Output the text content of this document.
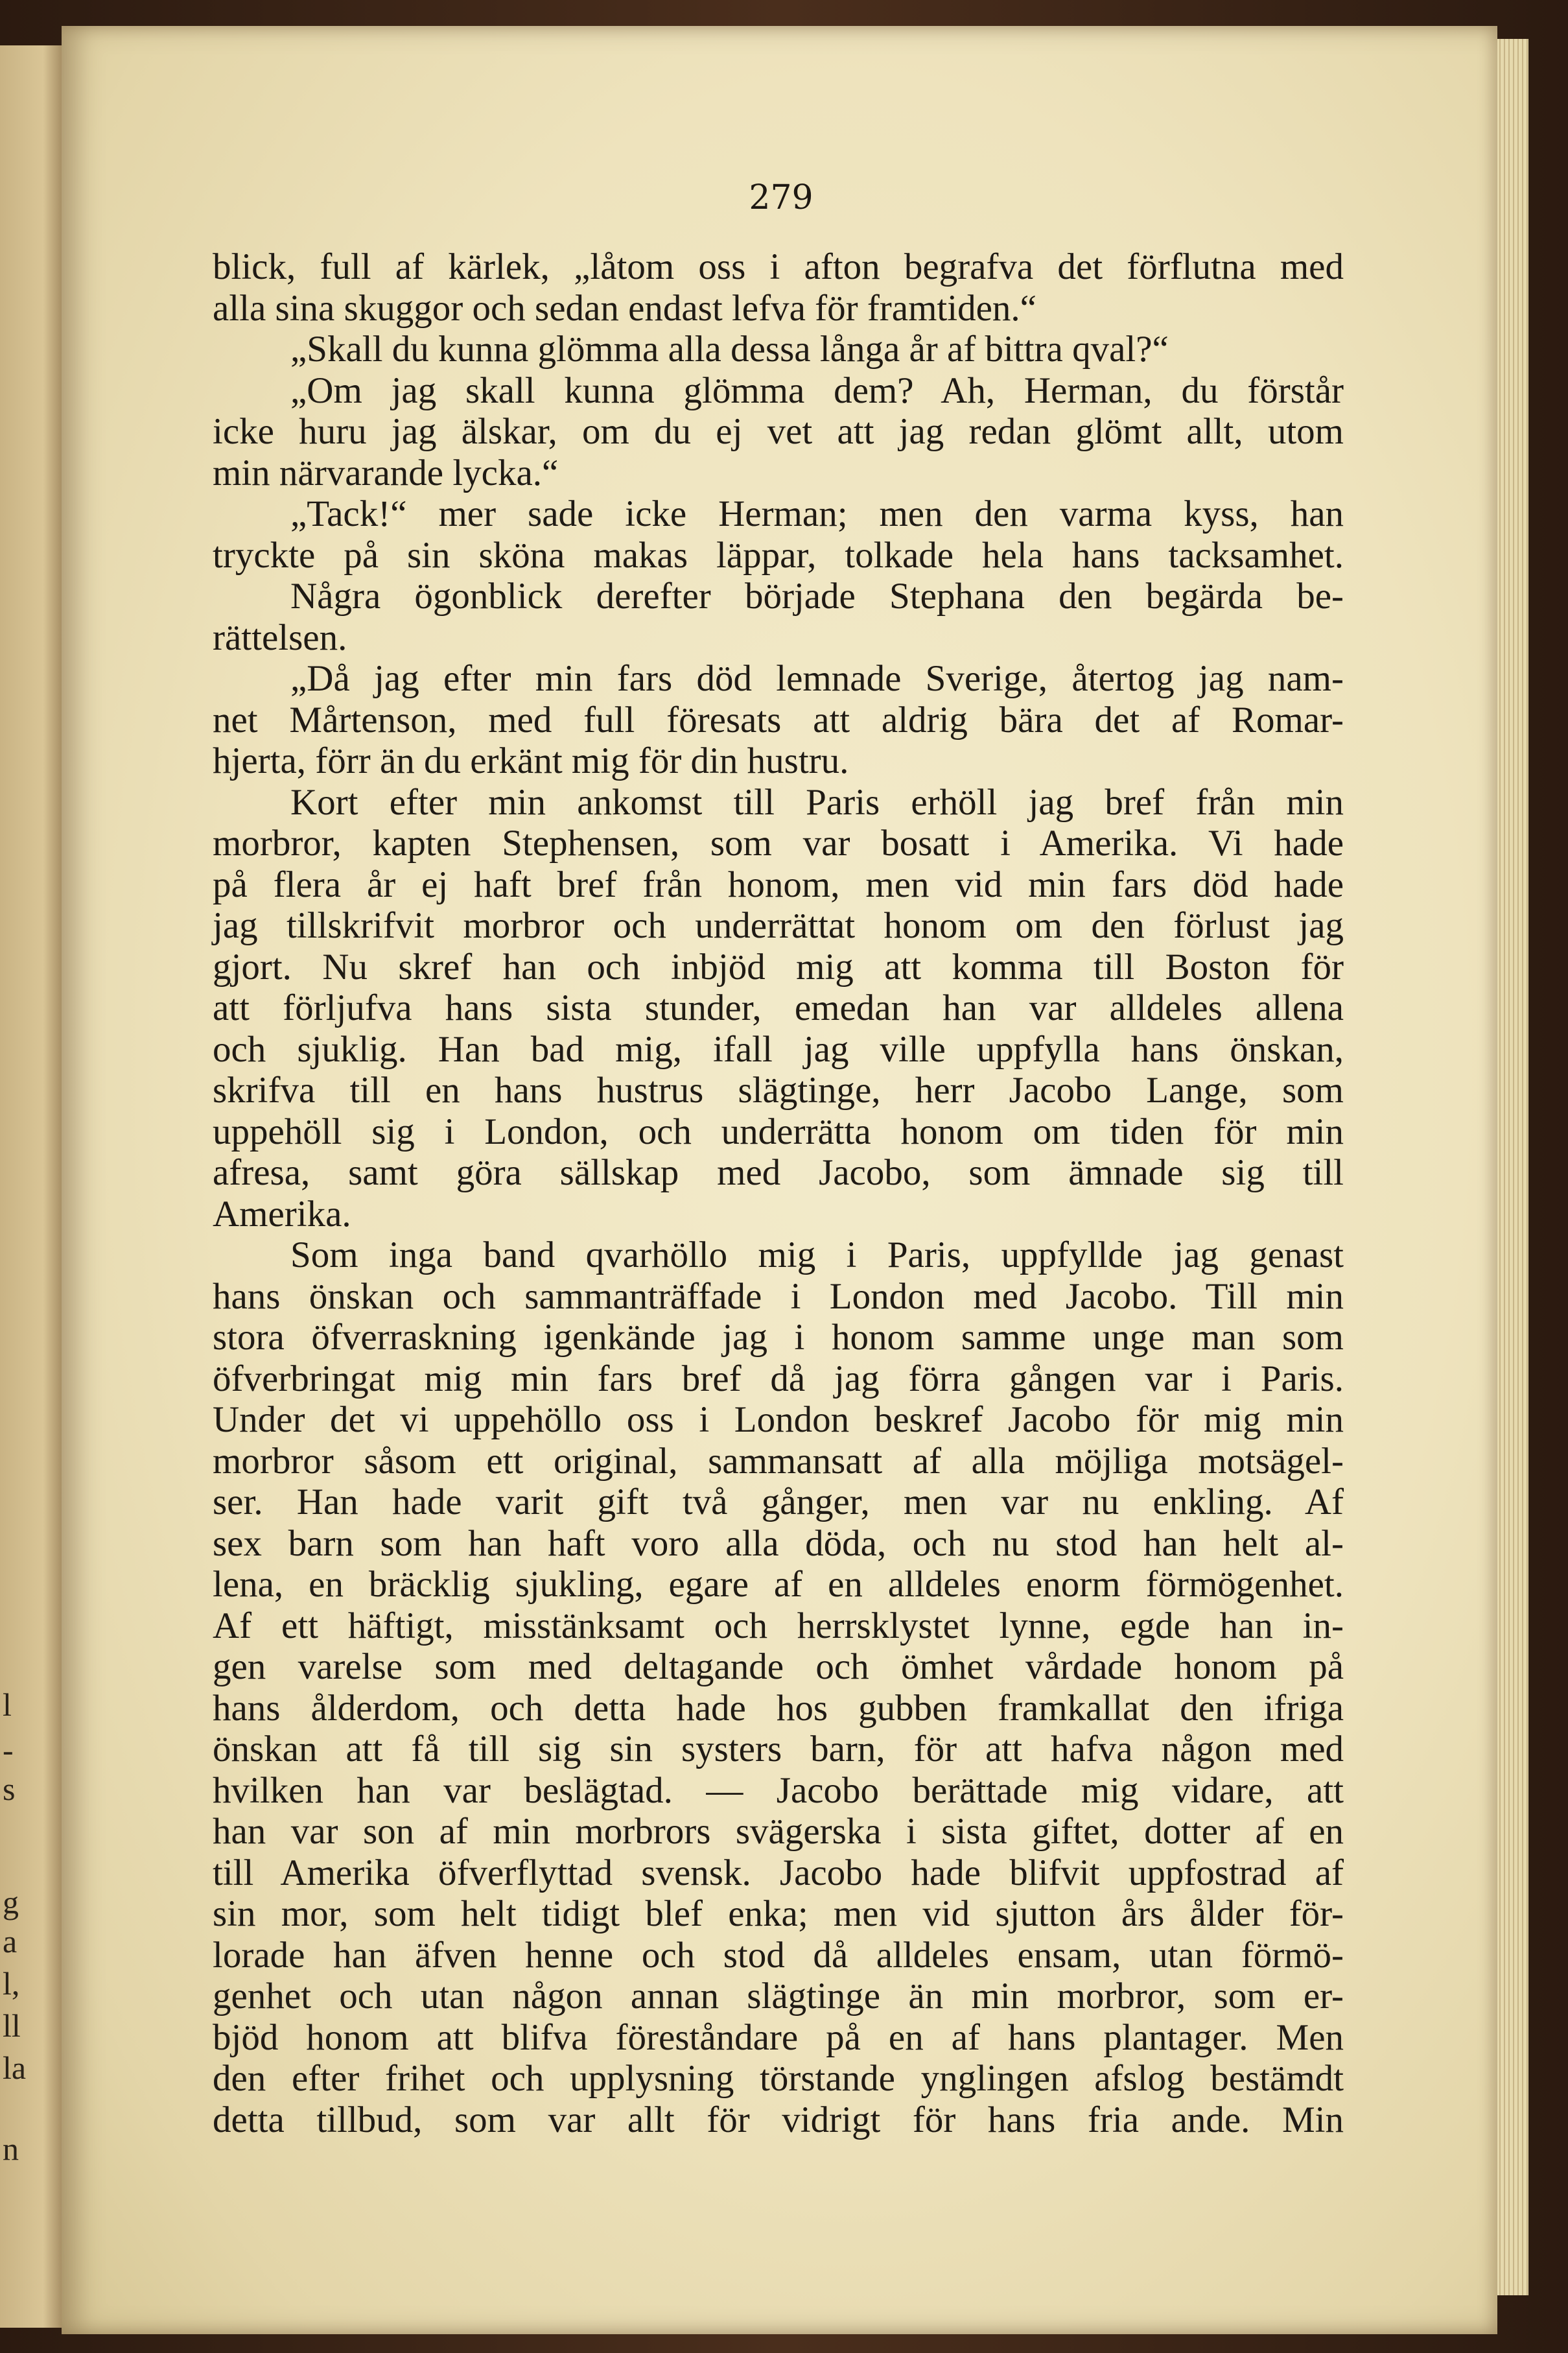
l
-
s
g
a
l,
ll
la
n
279
blick, full af kärlek, „låtom oss i afton begrafva det förflutna med
alla sina skuggor och sedan endast lefva för framtiden.“
„Skall du kunna glömma alla dessa långa år af bittra qval?“
„Om jag skall kunna glömma dem? Ah, Herman, du förstår
icke huru jag älskar, om du ej vet att jag redan glömt allt, utom
min närvarande lycka.“
„Tack!“ mer sade icke Herman; men den varma kyss, han
tryckte på sin sköna makas läppar, tolkade hela hans tacksamhet.
Några ögonblick derefter började Stephana den begärda be-
rättelsen.
„Då jag efter min fars död lemnade Sverige, återtog jag nam-
net Mårtenson, med full föresats att aldrig bära det af Romar-
hjerta, förr än du erkänt mig för din hustru.
Kort efter min ankomst till Paris erhöll jag bref från min
morbror, kapten Stephensen, som var bosatt i Amerika. Vi hade
på flera år ej haft bref från honom, men vid min fars död hade
jag tillskrifvit morbror och underrättat honom om den förlust jag
gjort. Nu skref han och inbjöd mig att komma till Boston för
att förljufva hans sista stunder, emedan han var alldeles allena
och sjuklig. Han bad mig, ifall jag ville uppfylla hans önskan,
skrifva till en hans hustrus slägtinge, herr Jacobo Lange, som
uppehöll sig i London, och underrätta honom om tiden för min
afresa, samt göra sällskap med Jacobo, som ämnade sig till
Amerika.
Som inga band qvarhöllo mig i Paris, uppfyllde jag genast
hans önskan och sammanträffade i London med Jacobo. Till min
stora öfverraskning igenkände jag i honom samme unge man som
öfverbringat mig min fars bref då jag förra gången var i Paris.
Under det vi uppehöllo oss i London beskref Jacobo för mig min
morbror såsom ett original, sammansatt af alla möjliga motsägel-
ser. Han hade varit gift två gånger, men var nu enkling. Af
sex barn som han haft voro alla döda, och nu stod han helt al-
lena, en bräcklig sjukling, egare af en alldeles enorm förmögenhet.
Af ett häftigt, misstänksamt och herrsklystet lynne, egde han in-
gen varelse som med deltagande och ömhet vårdade honom på
hans ålderdom, och detta hade hos gubben framkallat den ifriga
önskan att få till sig sin systers barn, för att hafva någon med
hvilken han var beslägtad. — Jacobo berättade mig vidare, att
han var son af min morbrors svägerska i sista giftet, dotter af en
till Amerika öfverflyttad svensk. Jacobo hade blifvit uppfostrad af
sin mor, som helt tidigt blef enka; men vid sjutton års ålder för-
lorade han äfven henne och stod då alldeles ensam, utan förmö-
genhet och utan någon annan slägtinge än min morbror, som er-
bjöd honom att blifva föreståndare på en af hans plantager. Men
den efter frihet och upplysning törstande ynglingen afslog bestämdt
detta tillbud, som var allt för vidrigt för hans fria ande. Min
